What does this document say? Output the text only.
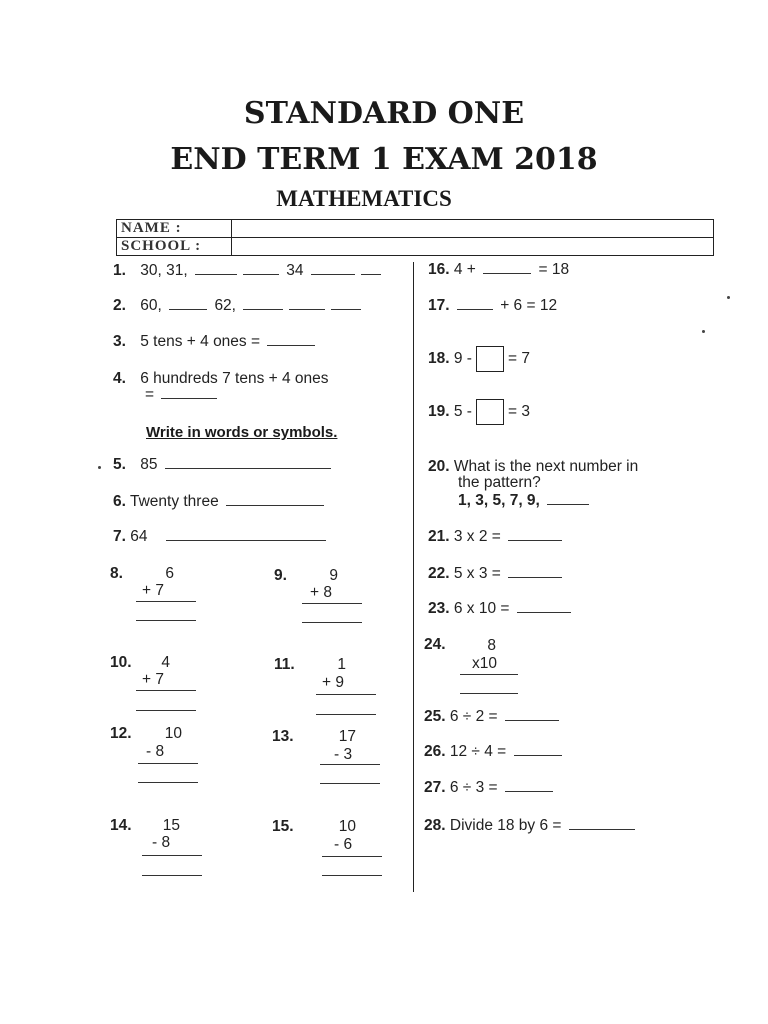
STANDARD ONE
END TERM 1 EXAM 2018
MATHEMATICS
NAME :	
SCHOOL :	
1. 30, 31,	34
2. 60,	62,
3. 5 tens + 4 ones =
4. 6 hundreds 7 tens + 4 ones
=
Write in words or symbols.
5. 85
6. Twenty three
7. 64
8.	6
+ 7
9.	9
+ 8
10.	4
+ 7
11.	1
+ 9
12.	10
- 8
13.	17
- 3
14.	15
- 8
15.	10
- 6
16. 4 +	= 18
17.	+ 6 = 12
18. 9 - = 7
19. 5 - = 3
20. What is the next number in
the pattern?
1, 3, 5, 7, 9,
21. 3 x 2 =
22. 5 x 3 =
23. 6 x 10 =
24.	8
x10
25. 6 ÷ 2 =
26. 12 ÷ 4 =
27. 6 ÷ 3 =
28. Divide 18 by 6 =
